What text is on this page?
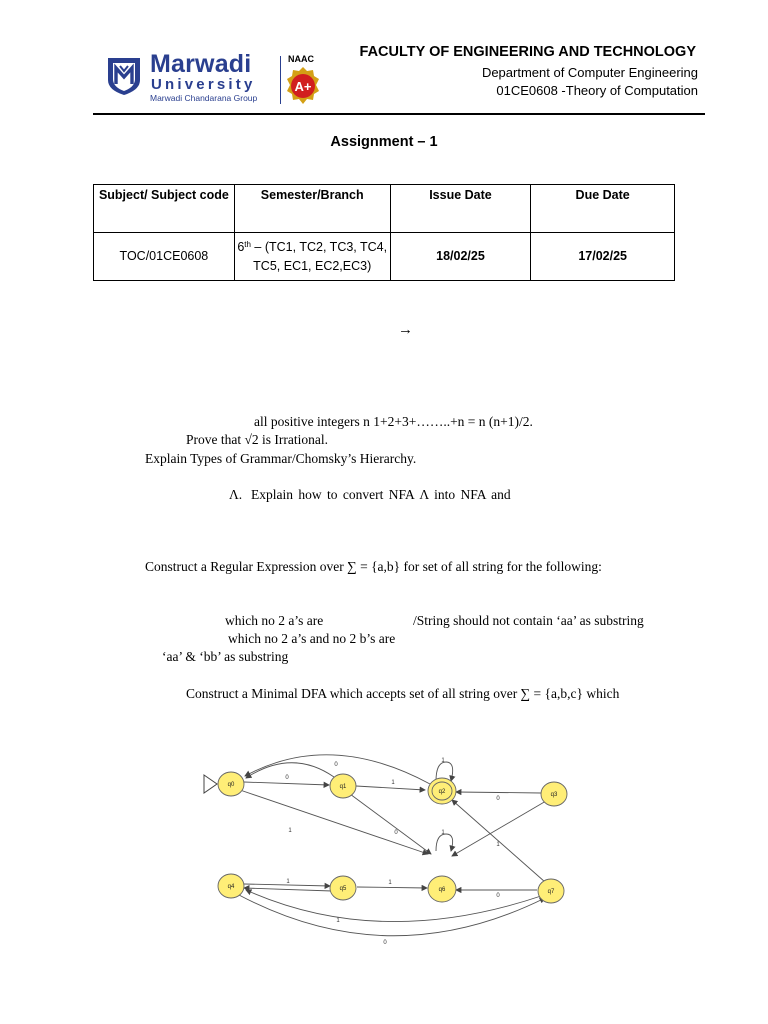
Marwadi
University
Marwadi Chandarana Group
NAAC
A+
FACULTY OF ENGINEERING AND TECHNOLOGY
Department of Computer Engineering
01CE0608 -Theory of Computation
Assignment – 1
Subject/ Subject code	Semester/Branch	Issue Date	Due Date
TOC/01CE0608	6th – (TC1, TC2, TC3, TC4,
TC5, EC1, EC2,EC3)	18/02/25	17/02/25
→
all positive integers n 1+2+3+……..+n = n (n+1)/2.
Prove that √2 is Irrational.
Explain Types of Grammar/Chomsky’s Hierarchy.
Λ. Explain how to convert NFA Λ into NFA and
Construct a Regular Expression over ∑ = {a,b} for set of all string for the following:
which no 2 a’s are	/String should not contain ‘aa’ as substring
which no 2 a’s and no 2 b’s are
‘aa’ & ‘bb’ as substring
Construct a Minimal DFA which accepts set of all string over ∑ = {a,b,c} which
q0	q1
q2	q3
q4	q5	q6	q7
0
0
1
1
0
1	0	1
1	1
0
1
1
0
